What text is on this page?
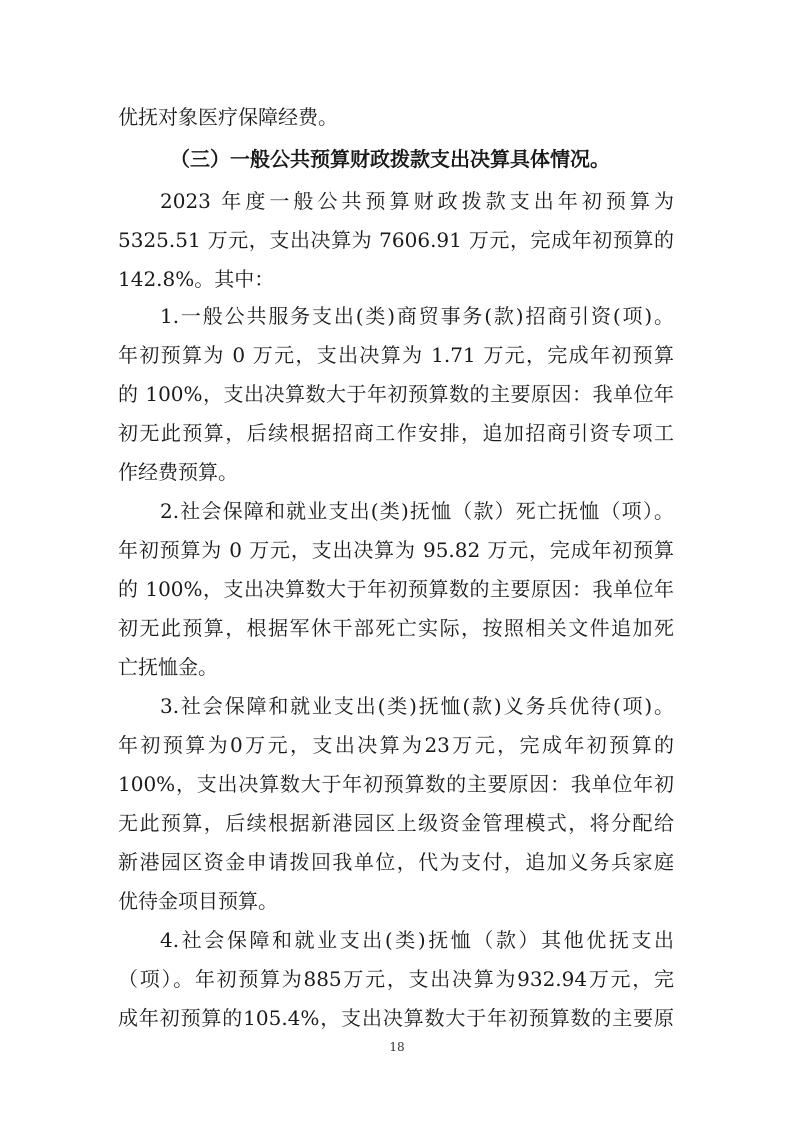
优抚对象医疗保障经费。
（三）一般公共预算财政拨款支出决算具体情况。
2023 年度一般公共预算财政拨款支出年初预算为
5325.51 万元，支出决算为 7606.91 万元，完成年初预算的
142.8%。其中：
1.一般公共服务支出(类)商贸事务(款)招商引资(项)。
年初预算为 0 万元，支出决算为 1.71 万元，完成年初预算
的 100%，支出决算数大于年初预算数的主要原因：我单位年
初无此预算，后续根据招商工作安排，追加招商引资专项工
作经费预算。
2.社会保障和就业支出(类)抚恤（款）死亡抚恤（项）。
年初预算为 0 万元，支出决算为 95.82 万元，完成年初预算
的 100%，支出决算数大于年初预算数的主要原因：我单位年
初无此预算，根据军休干部死亡实际，按照相关文件追加死
亡抚恤金。
3.社会保障和就业支出(类)抚恤(款)义务兵优待(项)。
年初预算为0万元，支出决算为23万元，完成年初预算的
100%，支出决算数大于年初预算数的主要原因：我单位年初
无此预算，后续根据新港园区上级资金管理模式，将分配给
新港园区资金申请拨回我单位，代为支付，追加义务兵家庭
优待金项目预算。
4.社会保障和就业支出(类)抚恤（款）其他优抚支出
（项）。年初预算为885万元，支出决算为932.94万元，完
成年初预算的105.4%，支出决算数大于年初预算数的主要原
18
